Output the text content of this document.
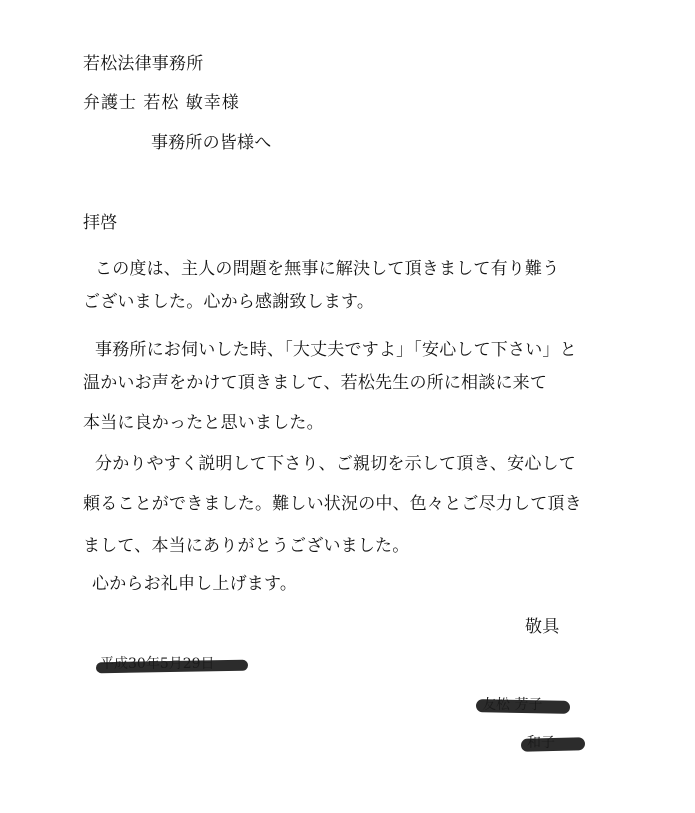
若松法律事務所
弁護士 若松 敏幸様
事務所の皆様へ
拝啓
この度は、主人の問題を無事に解決して頂きまして有り難う
ございました。心から感謝致します。
事務所にお伺いした時、「大丈夫ですよ」「安心して下さい」と
温かいお声をかけて頂きまして、若松先生の所に相談に来て
本当に良かったと思いました。
分かりやすく説明して下さり、ご親切を示して頂き、安心して
頼ることができました。難しい状況の中、色々とご尽力して頂き
まして、本当にありがとうございました。
心からお礼申し上げます。
敬具
